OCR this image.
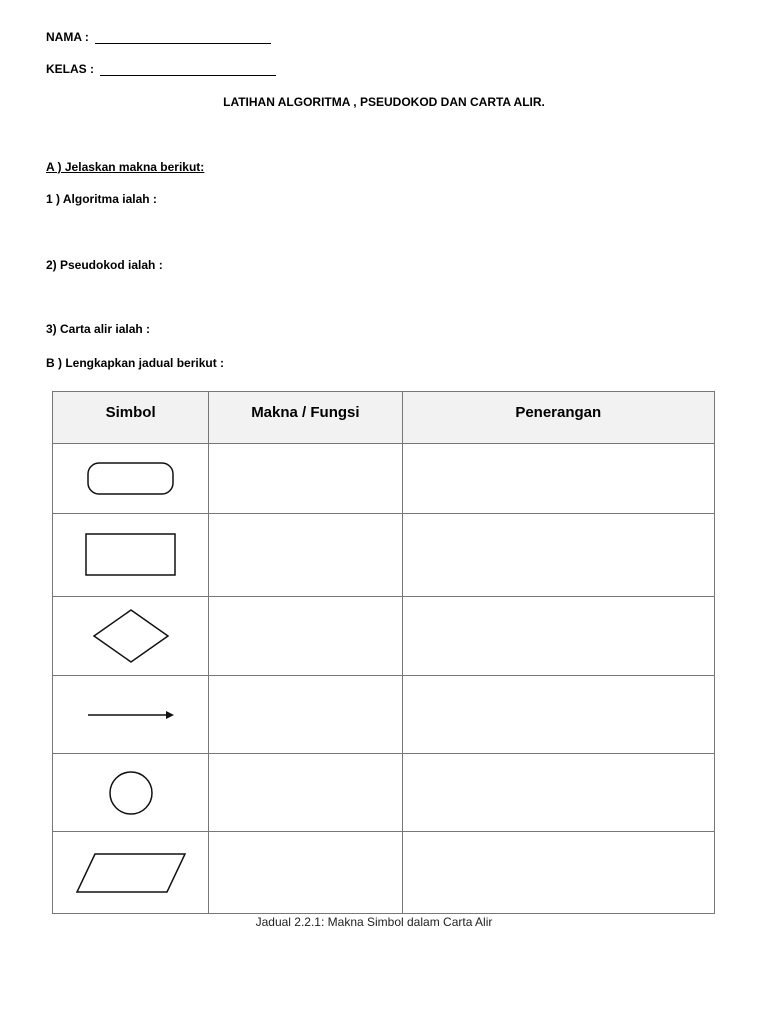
NAMA :
KELAS :
LATIHAN ALGORITMA , PSEUDOKOD DAN CARTA ALIR.
A ) Jelaskan makna berikut:
1 ) Algoritma ialah :
2) Pseudokod ialah :
3) Carta alir ialah :
B ) Lengkapkan jadual berikut :
Simbol	Makna / Fungsi	Penerangan

Jadual 2.2.1: Makna Simbol dalam Carta Alir
